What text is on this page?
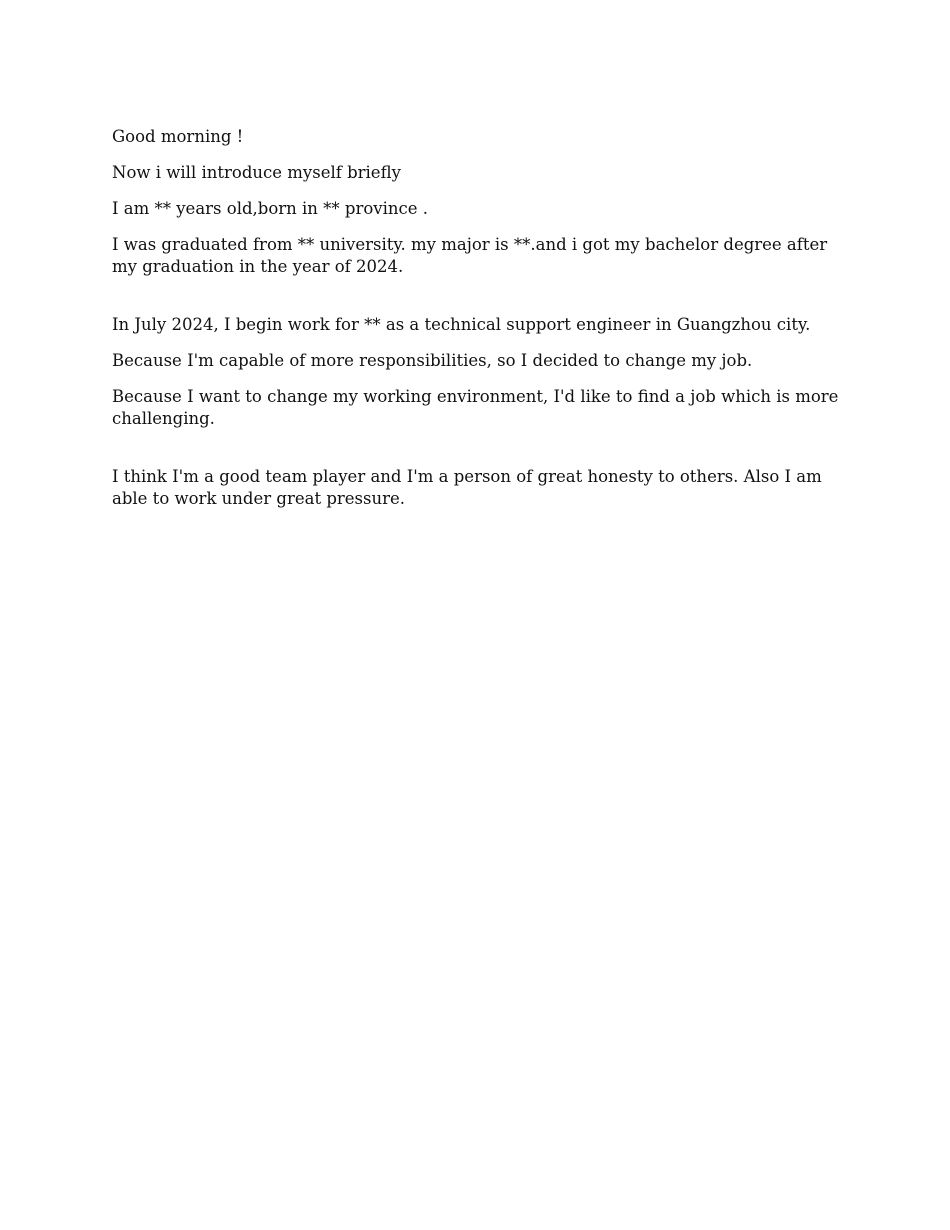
Good morning !

Now i will introduce myself briefly

I am ** years old,born in ** province .

I was graduated from ** university. my major is **.and i got my bachelor degree after my graduation in the year of 2024.

In July 2024, I begin work for ** as a technical support engineer in Guangzhou city.

Because I'm capable of more responsibilities, so I decided to change my job.

Because I want to change my working environment, I'd like to find a job which is more challenging.

I think I'm a good team player and I'm a person of great honesty to others. Also I am able to work under great pressure.
